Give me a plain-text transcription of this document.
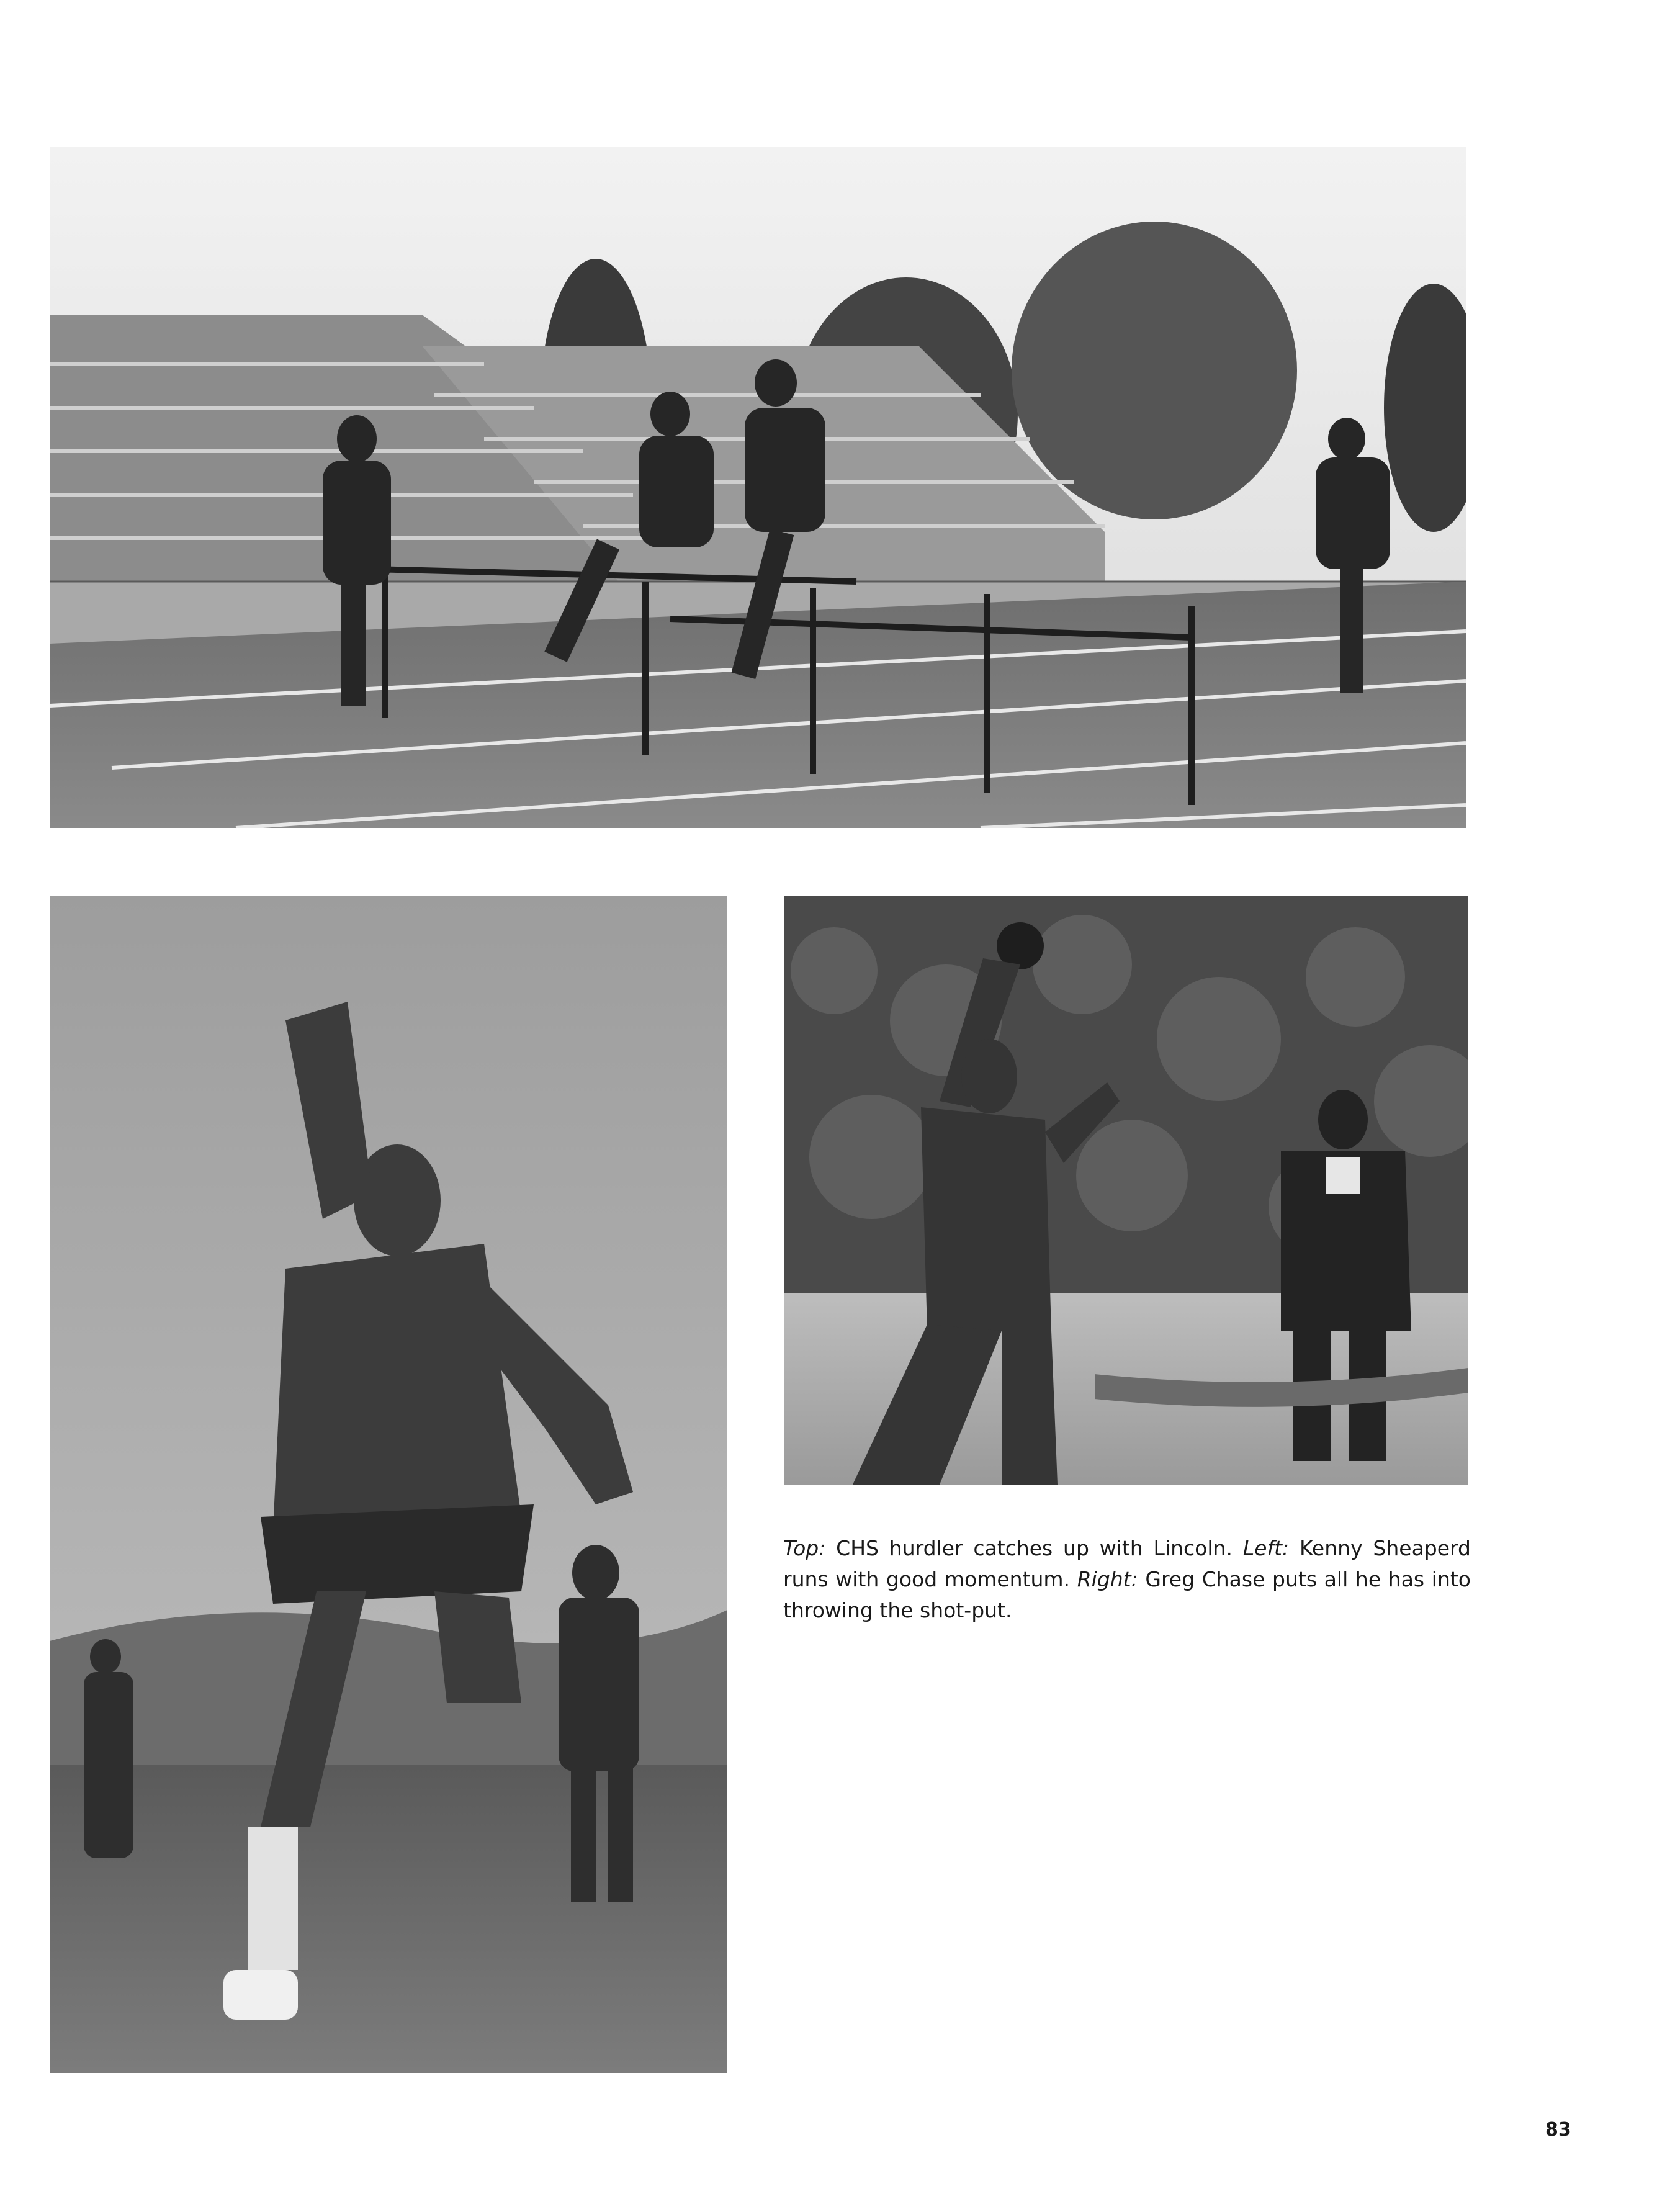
Top: CHS hurdler catches up with Lincoln. Left: Kenny Sheaperd runs with good momentum. Right: Greg Chase puts all he has into throwing the shot-put.

83
